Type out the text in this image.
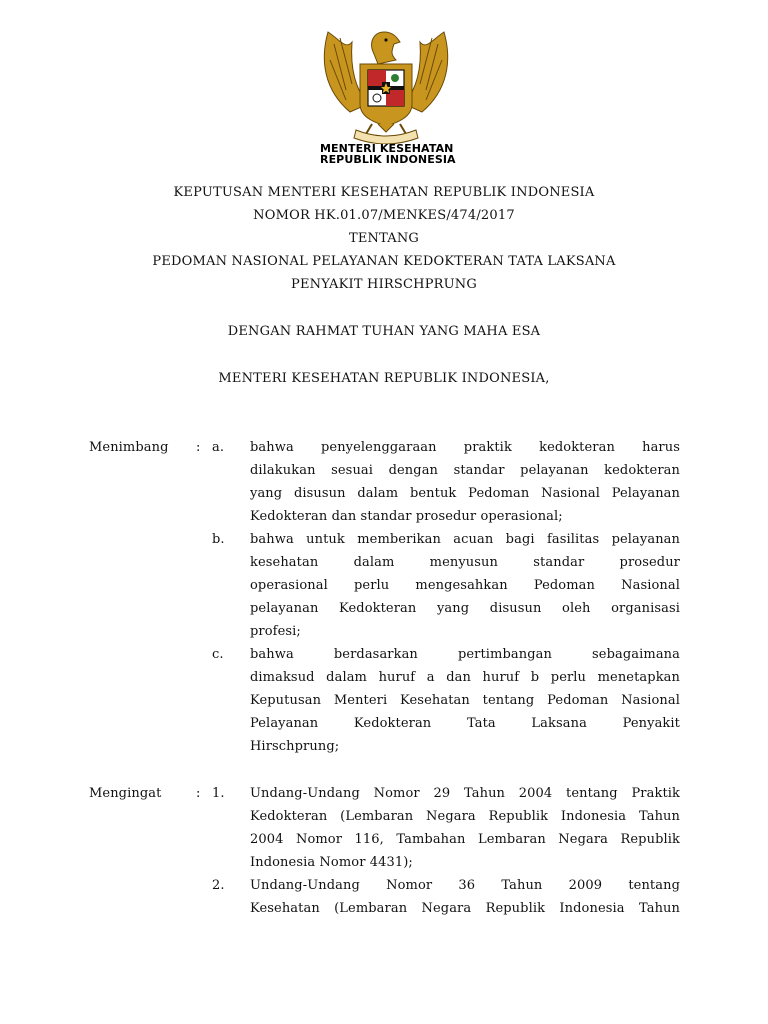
MENTERI KESEHATAN
REPUBLIK INDONESIA
KEPUTUSAN MENTERI KESEHATAN REPUBLIK INDONESIA
NOMOR HK.01.07/MENKES/474/2017
TENTANG
PEDOMAN NASIONAL PELAYANAN KEDOKTERAN TATA LAKSANA
PENYAKIT HIRSCHPRUNG
DENGAN RAHMAT TUHAN YANG MAHA ESA
MENTERI KESEHATAN REPUBLIK INDONESIA,
Menimbang : a. bahwa penyelenggaraan praktik kedokteran harus
dilakukan sesuai dengan standar pelayanan kedokteran
yang disusun dalam bentuk Pedoman Nasional Pelayanan
Kedokteran dan standar prosedur operasional;
b. bahwa untuk memberikan acuan bagi fasilitas pelayanan
kesehatan dalam menyusun standar prosedur
operasional perlu mengesahkan Pedoman Nasional
pelayanan Kedokteran yang disusun oleh organisasi
profesi;
c. bahwa berdasarkan pertimbangan sebagaimana
dimaksud dalam huruf a dan huruf b perlu menetapkan
Keputusan Menteri Kesehatan tentang Pedoman Nasional
Pelayanan Kedokteran Tata Laksana Penyakit
Hirschprung;
Mengingat	: 1. Undang-Undang Nomor 29 Tahun 2004 tentang Praktik
Kedokteran (Lembaran Negara Republik Indonesia Tahun
2004 Nomor 116, Tambahan Lembaran Negara Republik
Indonesia Nomor 4431);
2. Undang-Undang Nomor 36 Tahun 2009 tentang
Kesehatan (Lembaran Negara Republik Indonesia Tahun
